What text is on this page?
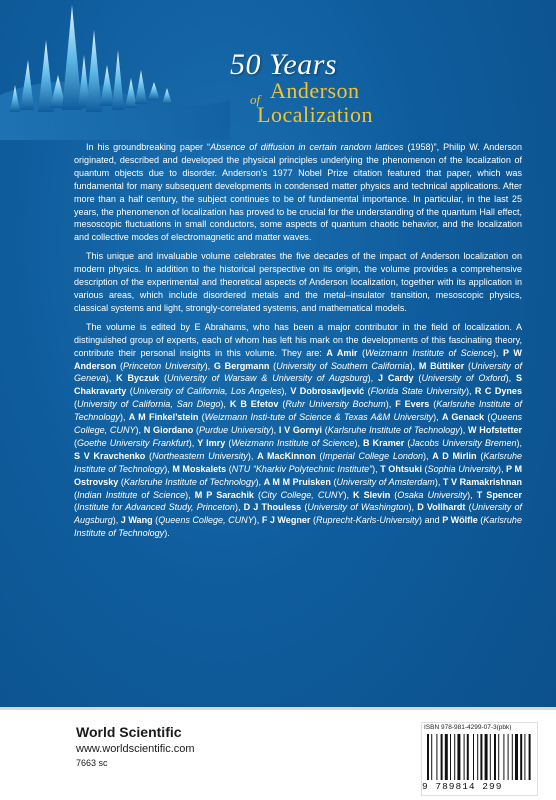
50 Years
Anderson
of
Localization

In his groundbreaking paper “Absence of diffusion in certain random lattices (1958)”, Philip W. Anderson originated, described and developed the physical principles underlying the phenomenon of the localization of quantum objects due to disorder. Anderson’s 1977 Nobel Prize citation featured that paper, which was fundamental for many subsequent developments in condensed matter physics and technical applications. After more than a half century, the subject continues to be of fundamental importance. In particular, in the last 25 years, the phenomenon of localization has proved to be crucial for the understanding of the quantum Hall effect, mesoscopic fluctuations in small conductors, some aspects of quantum chaotic behavior, and the localization and collective modes of electromagnetic and matter waves.

This unique and invaluable volume celebrates the five decades of the impact of Anderson localization on modern physics. In addition to the historical perspective on its origin, the volume provides a comprehensive description of the experimental and theoretical aspects of Anderson localization, together with its application in various areas, which include disordered metals and the metal–insulator transition, mesoscopic physics, classical systems and light, strongly-correlated systems, and mathematical models.

The volume is edited by E Abrahams, who has been a major contributor in the field of localization. A distinguished group of experts, each of whom has left his mark on the developments of this fascinating theory, contribute their personal insights in this volume. They are: A Amir (Weizmann Institute of Science), P W Anderson (Princeton University), G Bergmann (University of Southern California), M Büttiker (University of Geneva), K Byczuk (University of Warsaw & University of Augsburg), J Cardy (University of Oxford), S Chakravarty (University of California, Los Angeles), V Dobrosavljević (Florida State University), R C Dynes (University of California, San Diego), K B Efetov (Ruhr University Bochum), F Evers (Karlsruhe Institute of Technology), A M Finkel’stein (Weizmann Insti-tute of Science & Texas A&M University), A Genack (Queens College, CUNY), N Giordano (Purdue University), I V Gornyi (Karlsruhe Institute of Technology), W Hofstetter (Goethe University Frankfurt), Y Imry (Weizmann Institute of Science), B Kramer (Jacobs University Bremen), S V Kravchenko (Northeastern University), A MacKinnon (Imperial College London), A D Mirlin (Karlsruhe Institute of Technology), M Moskalets (NTU “Kharkiv Polytechnic Institute”), T Ohtsuki (Sophia University), P M Ostrovsky (Karlsruhe Institute of Technology), A M M Pruisken (University of Amsterdam), T V Ramakrishnan (Indian Institute of Science), M P Sarachik (City College, CUNY), K Slevin (Osaka University), T Spencer (Institute for Advanced Study, Princeton), D J Thouless (University of Washington), D Vollhardt (University of Augsburg), J Wang (Queens College, CUNY), F J Wegner (Ruprecht-Karls-University) and P Wölfle (Karlsruhe Institute of Technology).

World Scientific
www.worldscientific.com
7663 sc
ISBN 978-981-4299-07-3(pbk)
9 789814 299
